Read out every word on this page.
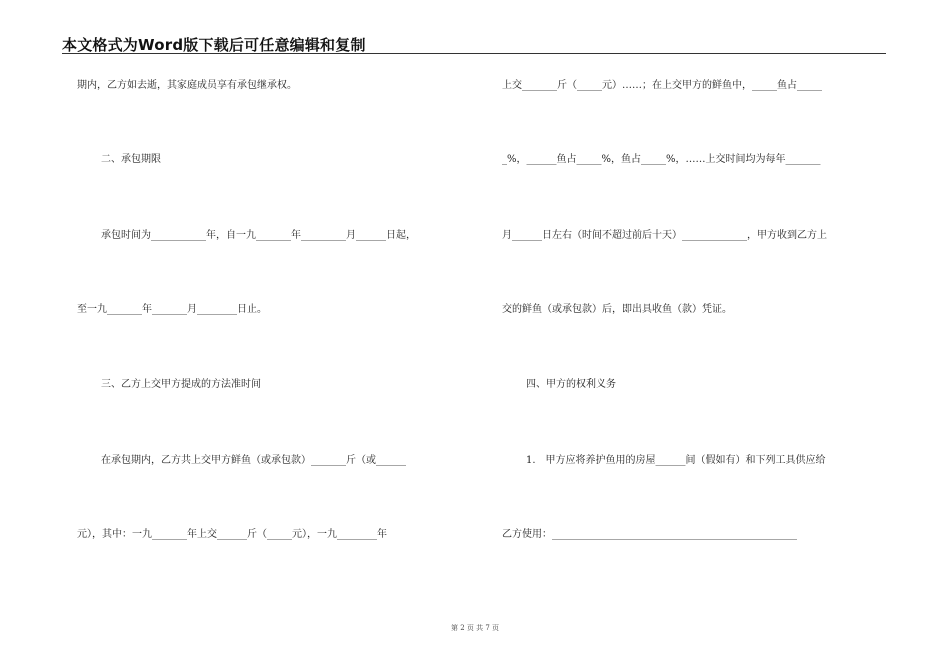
本文格式为Word版下载后可任意编辑和复制
期内，乙方如去逝，其家庭成员享有承包继承权。
二、承包期限
承包时间为___________年，自一九_______年_________月______日起，
至一九_______年_______月________日止。
三、乙方上交甲方提成的方法准时间
在承包期内，乙方共上交甲方鲜鱼（或承包款）_______斤（或______
元），其中：一九_______年上交______斤（_____元），一九________年
上交_______斤（_____元）……；在上交甲方的鲜鱼中，_____鱼占_____
_%，______鱼占_____%，鱼占_____%，……上交时间均为每年_______
月______日左右（时间不超过前后十天）_____________，甲方收到乙方上
交的鲜鱼（或承包款）后，即出具收鱼（款）凭证。
四、甲方的权利义务
1.　甲方应将养护鱼用的房屋______间（假如有）和下列工具供应给
乙方使用：_________________________________________________
第 2 页 共 7 页
